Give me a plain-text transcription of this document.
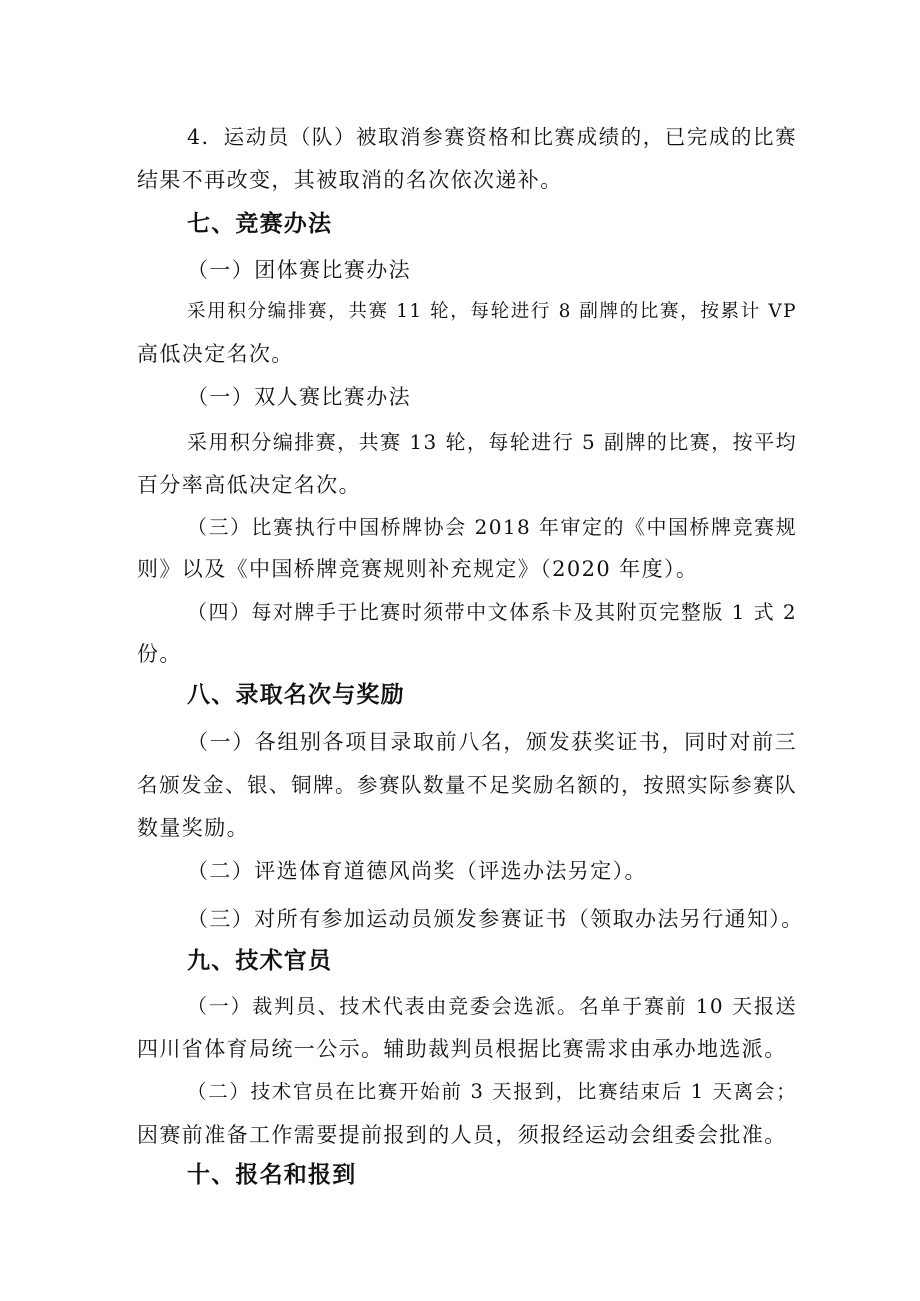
4．运动员（队）被取消参赛资格和比赛成绩的，已完成的比赛
结果不再改变，其被取消的名次依次递补。
七、竞赛办法
（一）团体赛比赛办法
采用积分编排赛，共赛 11 轮，每轮进行 8 副牌的比赛，按累计 VP
高低决定名次。
（一）双人赛比赛办法
采用积分编排赛，共赛 13 轮，每轮进行 5 副牌的比赛，按平均
百分率高低决定名次。
（三）比赛执行中国桥牌协会 2018 年审定的《中国桥牌竞赛规
则》以及《中国桥牌竞赛规则补充规定》（2020 年度）。
（四）每对牌手于比赛时须带中文体系卡及其附页完整版 1 式 2
份。
八、录取名次与奖励
（一）各组别各项目录取前八名，颁发获奖证书，同时对前三
名颁发金、银、铜牌。参赛队数量不足奖励名额的，按照实际参赛队
数量奖励。
（二）评选体育道德风尚奖（评选办法另定）。
（三）对所有参加运动员颁发参赛证书（领取办法另行通知）。
九、技术官员
（一）裁判员、技术代表由竞委会选派。名单于赛前 10 天报送
四川省体育局统一公示。辅助裁判员根据比赛需求由承办地选派。
（二）技术官员在比赛开始前 3 天报到，比赛结束后 1 天离会；
因赛前准备工作需要提前报到的人员，须报经运动会组委会批准。
十、报名和报到
